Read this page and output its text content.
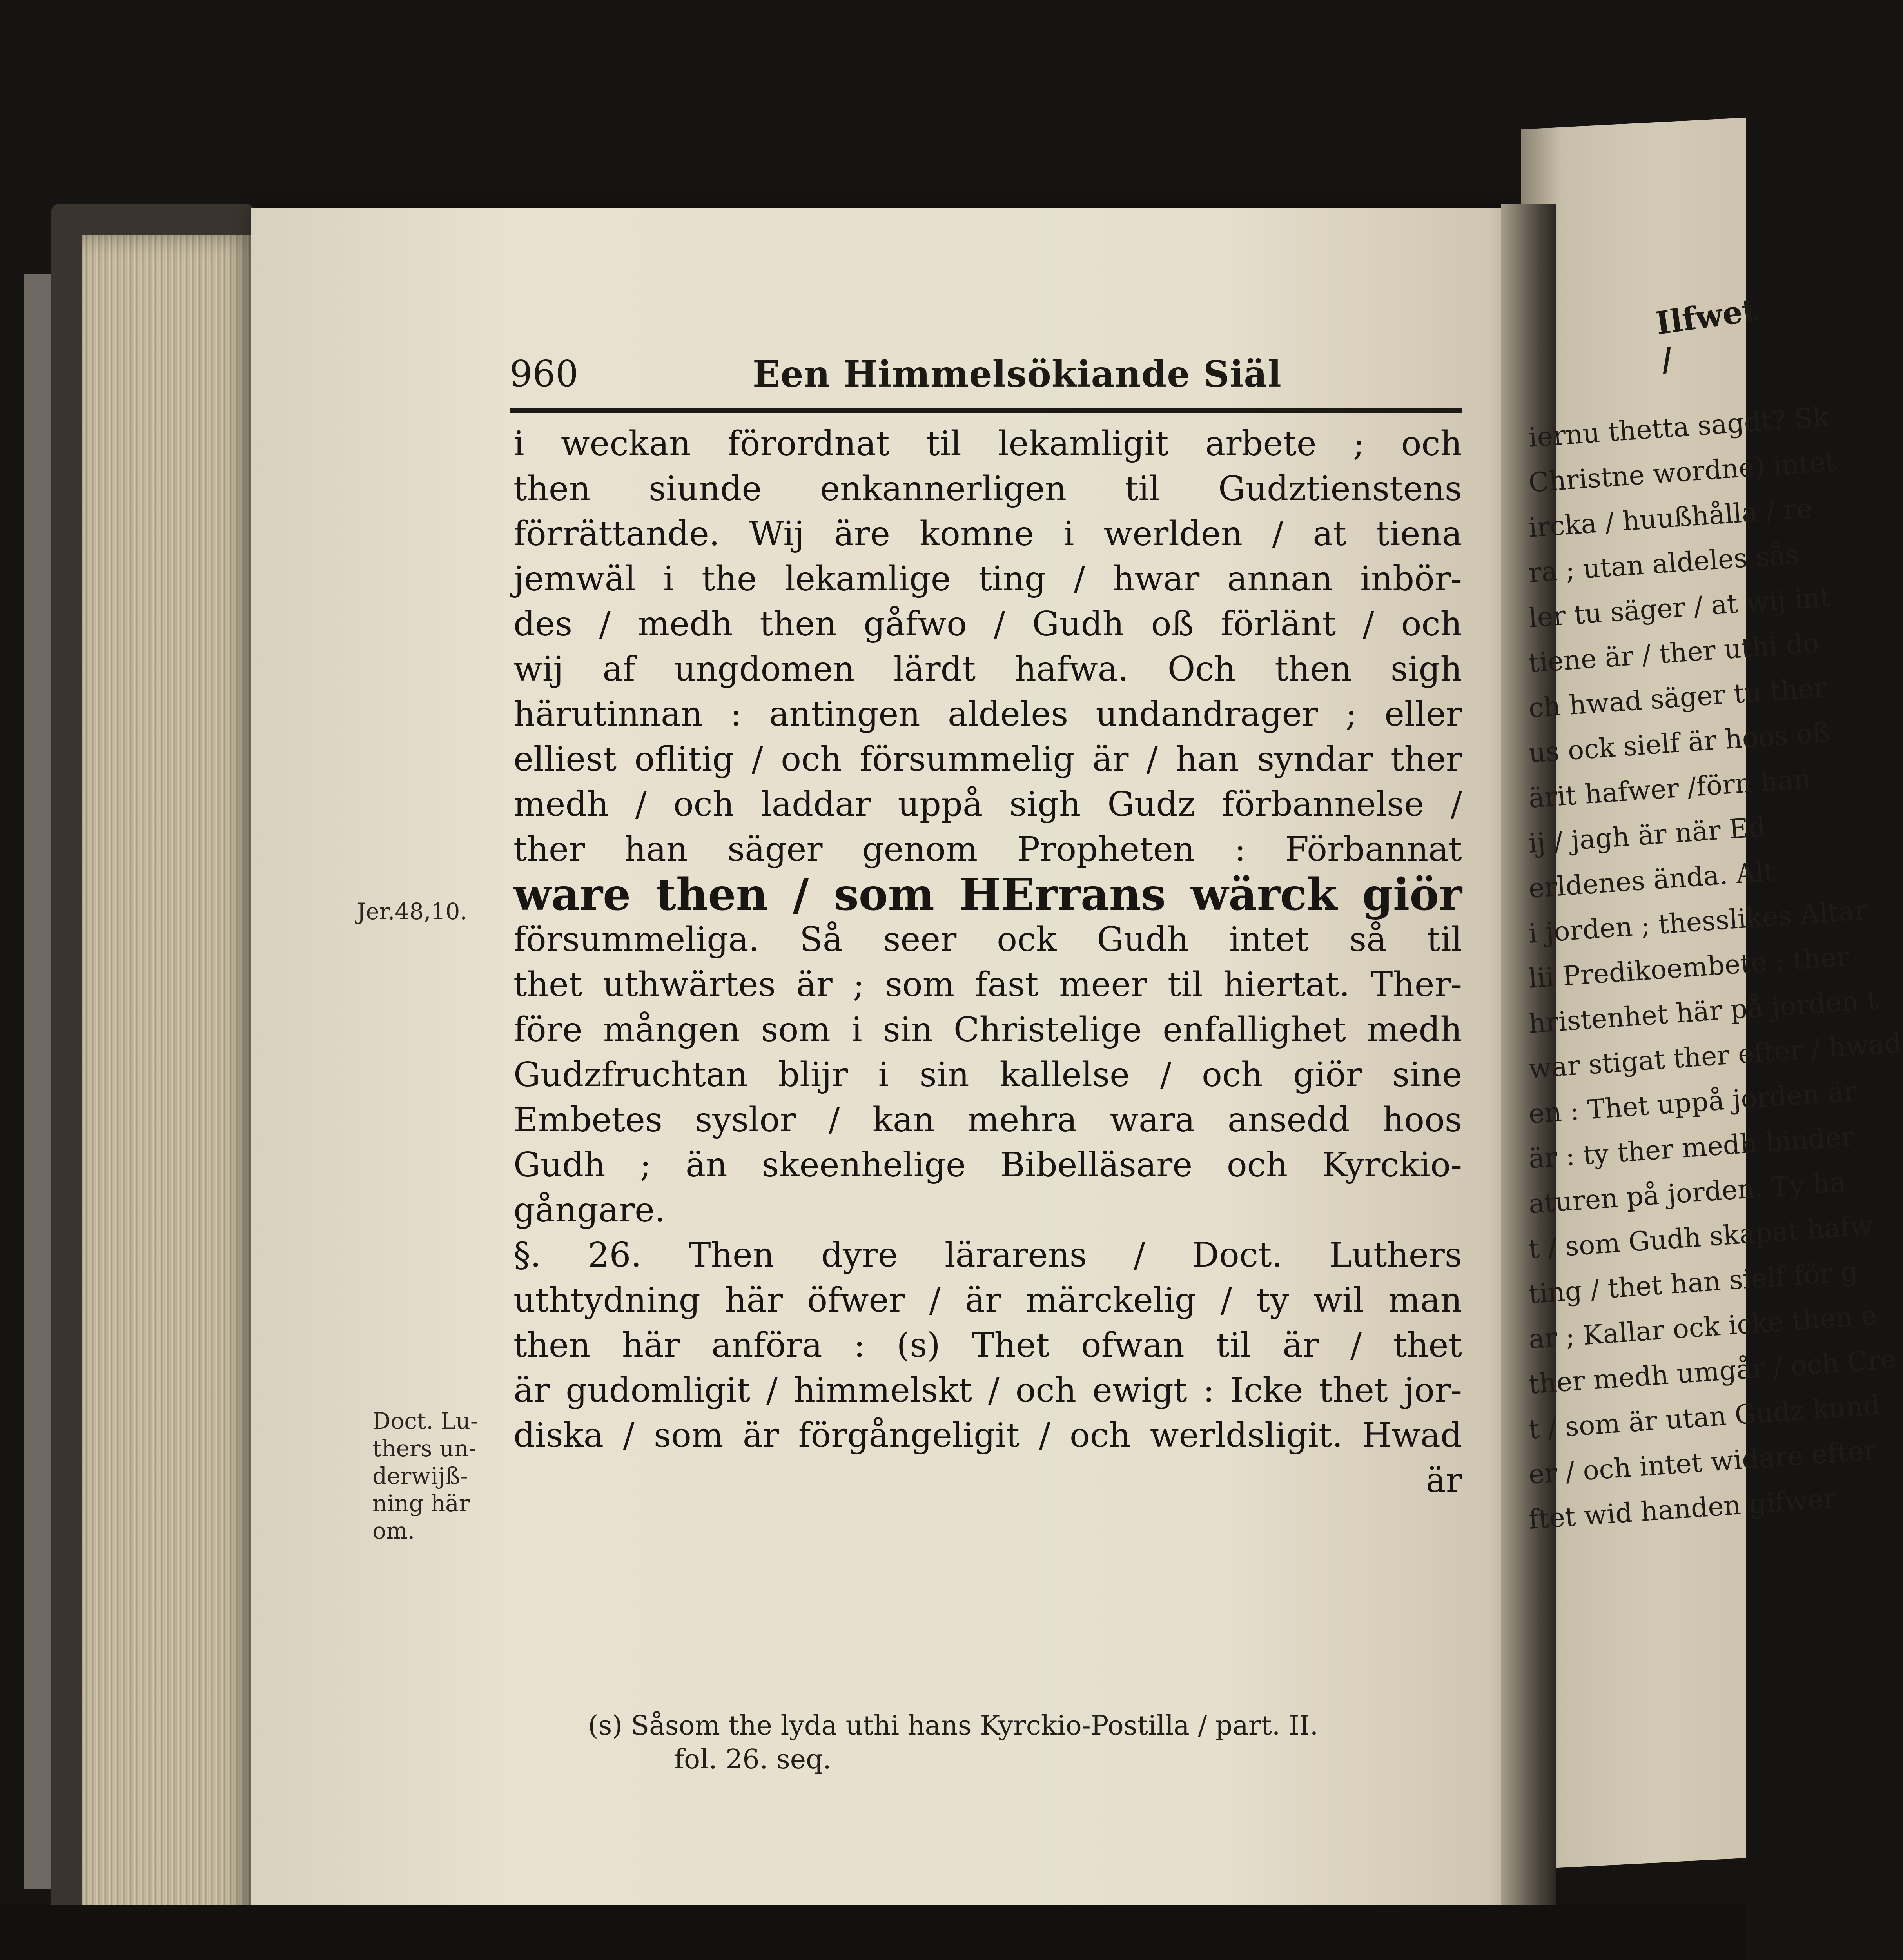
960	Een Himmelsökiande Siäl
i weckan förordnat til lekamligit arbete ; och
then siunde enkannerligen til Gudztienstens
förrättande. Wij äre komne i werlden / at tiena
jemwäl i the lekamlige ting / hwar annan inbör-
des / medh then gåfwo / Gudh oß förlänt / och
wij af ungdomen lärdt hafwa. Och then sigh
härutinnan : antingen aldeles undandrager ; eller
elliest oflitig / och försummelig är / han syndar ther
medh / och laddar uppå sigh Gudz förbannelse /
ther han säger genom Propheten : Förbannat
ware then / som HErrans wärck giör
försummeliga. Så seer ock Gudh intet så til
thet uthwärtes är ; som fast meer til hiertat. Ther-
före mången som i sin Christelige enfallighet medh
Gudzfruchtan blijr i sin kallelse / och giör sine
Embetes syslor / kan mehra wara ansedd hoos
Gudh ; än skeenhelige Bibelläsare och Kyrckio-
gångare.
§. 26. Then dyre lärarens / Doct. Luthers
uthtydning här öfwer / är märckelig / ty wil man
then här anföra : (s) Thet ofwan til är / thet
är gudomligit / himmelskt / och ewigt : Icke thet jor-
diska / som är förgångeligit / och werldsligit. Hwad
är
Jer.48,10.
Doct. Lu-
thers un-
derwijß-
ning här
om.
(s) Såsom the lyda uthi hans Kyrckio-Postilla / part. II.
fol. 26. seq.
Ilfwet /
iernu thetta sagdt? Sk
Christne wordne) intet
ircka / huußhålla / re
ra ; utan aldeles sås
ler tu säger / at wij int
tiene är / ther uthi do
ch hwad säger tu ther
us ock sielf är hoos oß
ärit hafwer /förn han
ij / jagh är när Ed
erldenes ända. Alt
i jorden ; thesslikes Altar
lii Predikoembete : ther
hristenhet här på jorden t
war stigat ther efter / hwad
en : Thet uppå jorden är
är : ty ther medh binder
aturen på jorden. Ty ha
t / som Gudh skapat hafw
ting / thet han sielf för g
ar ; Kallar ock icke then e
ther medh umgår / och Cre
t / som är utan Gudz kund
er / och intet widare efter
ftet wid handen gifwer
